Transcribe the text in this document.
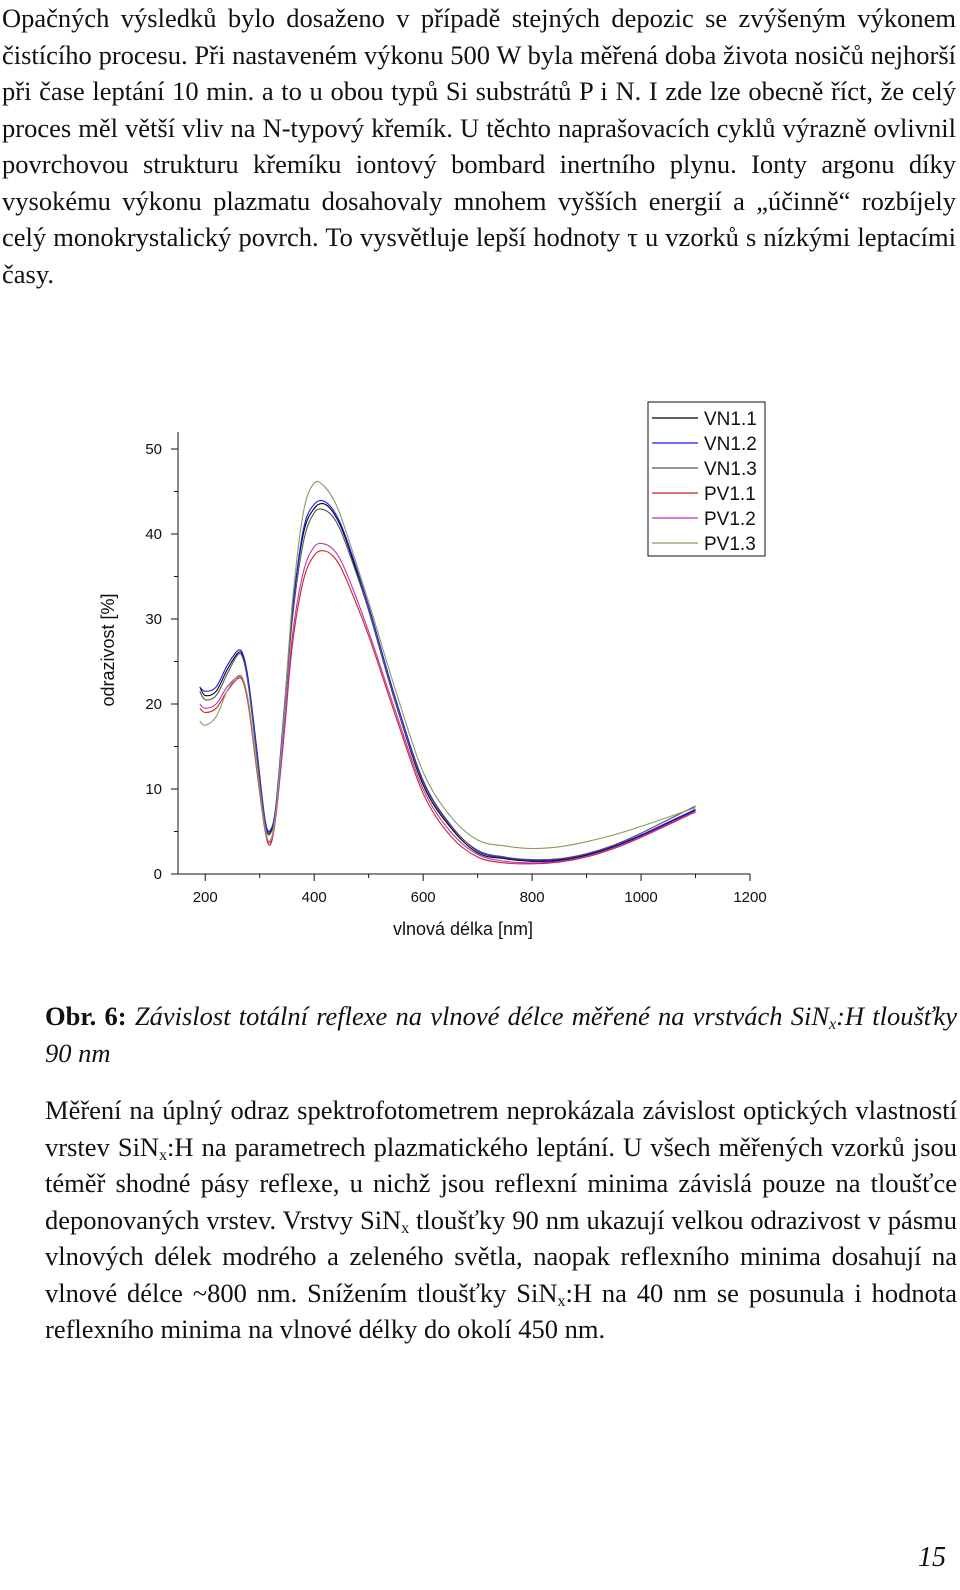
Opačných výsledků bylo dosaženo v případě stejných depozic se zvýšeným výkonem čistícího procesu. Při nastaveném výkonu 500 W byla měřená doba života nosičů nejhorší při čase leptání 10 min. a to u obou typů Si substrátů P i N. I zde lze obecně říct, že celý proces měl větší vliv na N-typový křemík. U těchto naprašovacích cyklů výrazně ovlivnil povrchovou strukturu křemíku iontový bombard inertního plynu. Ionty argonu díky vysokému výkonu plazmatu dosahovaly mnohem vyšších energií a „účinně“ rozbíjely celý monokrystalický povrch. To vysvětluje lepší hodnoty τ u vzorků s nízkými leptacími časy.

200	400	600	800	1000	1200
0
10
20
30
40
50
VN1.1
VN1.2
VN1.3
PV1.1
PV1.2
PV1.3
vlnová délka [nm]
odrazivost [%]

Obr. 6: Závislost totální reflexe na vlnové délce měřené na vrstvách SiN$_x$:H tloušťky 90 nm

Měření na úplný odraz spektrofotometrem neprokázala závislost optických vlastností vrstev SiN$_x$:H na parametrech plazmatického leptání. U všech měřených vzorků jsou téměř shodné pásy reflexe, u nichž jsou reflexní minima závislá pouze na tloušťce deponovaných vrstev. Vrstvy SiN$_x$ tloušťky 90 nm ukazují velkou odrazivost v pásmu vlnových délek modrého a zeleného světla, naopak reflexního minima dosahují na vlnové délce ~800 nm. Snížením tloušťky SiN$_x$:H na 40 nm se posunula i hodnota reflexního minima na vlnové délky do okolí 450 nm.

15
